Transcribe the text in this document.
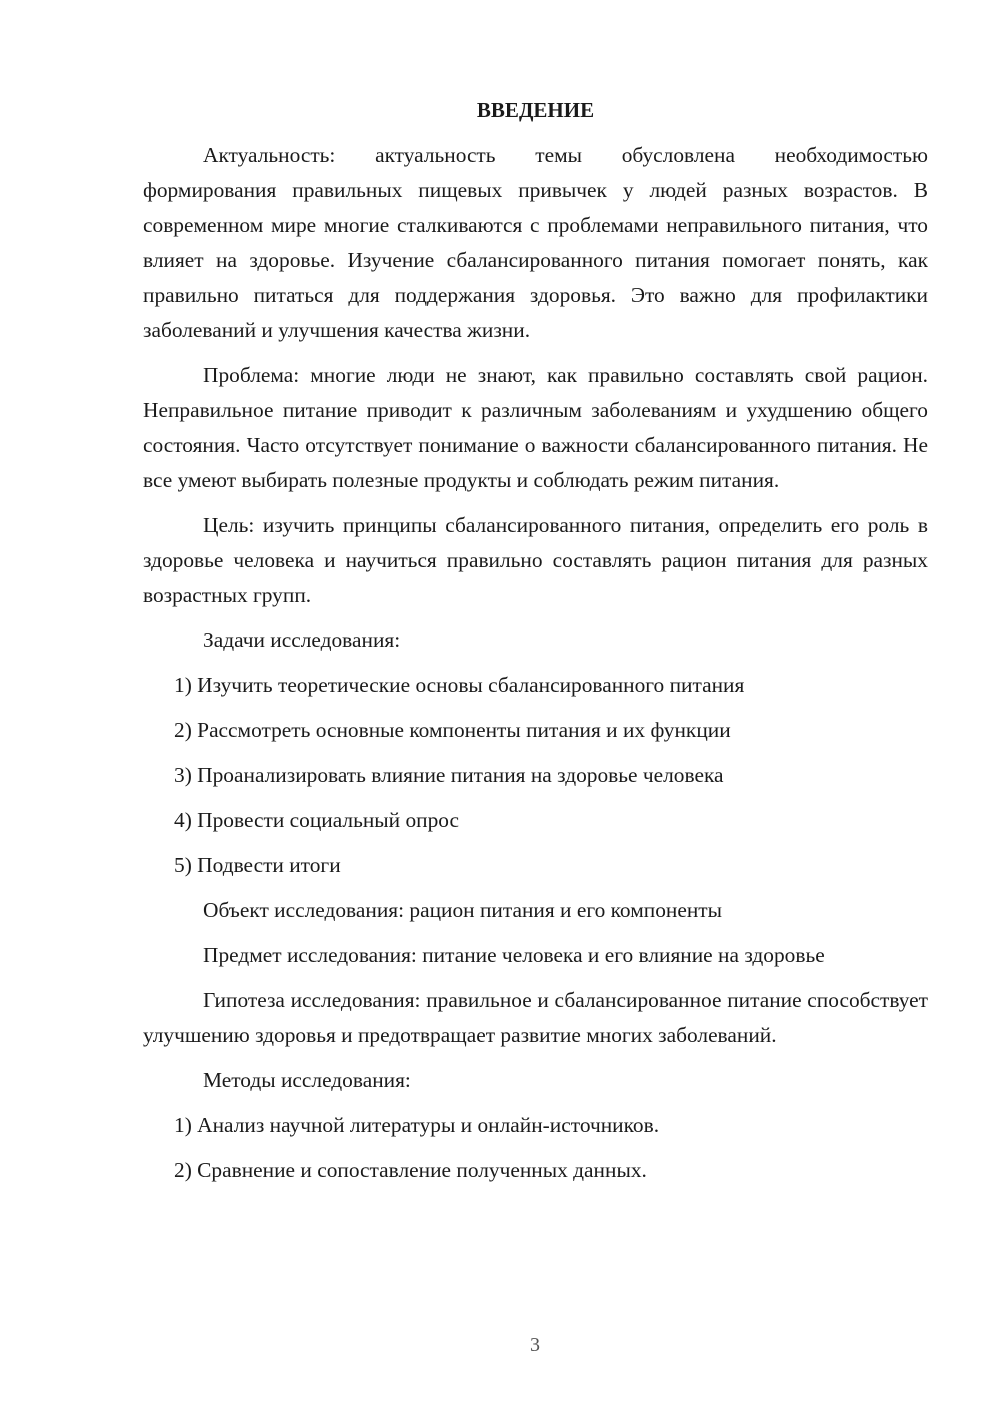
ВВЕДЕНИЕ

Актуальность: актуальность темы обусловлена необходимостью формирования правильных пищевых привычек у людей разных возрастов. В современном мире многие сталкиваются с проблемами неправильного питания, что влияет на здоровье. Изучение сбалансированного питания помогает понять, как правильно питаться для поддержания здоровья. Это важно для профилактики заболеваний и улучшения качества жизни.

Проблема: многие люди не знают, как правильно составлять свой рацион. Неправильное питание приводит к различным заболеваниям и ухудшению общего состояния. Часто отсутствует понимание о важности сбалансированного питания. Не все умеют выбирать полезные продукты и соблюдать режим питания.

Цель: изучить принципы сбалансированного питания, определить его роль в здоровье человека и научиться правильно составлять рацион питания для разных возрастных групп.

Задачи исследования:
1) Изучить теоретические основы сбалансированного питания
2) Рассмотреть основные компоненты питания и их функции
3) Проанализировать влияние питания на здоровье человека
4) Провести социальный опрос
5) Подвести итоги
Объект исследования: рацион питания и его компоненты
Предмет исследования: питание человека и его влияние на здоровье

Гипотеза исследования: правильное и сбалансированное питание способствует улучшению здоровья и предотвращает развитие многих заболеваний.

Методы исследования:
1) Анализ научной литературы и онлайн-источников.
2) Сравнение и сопоставление полученных данных.
3
